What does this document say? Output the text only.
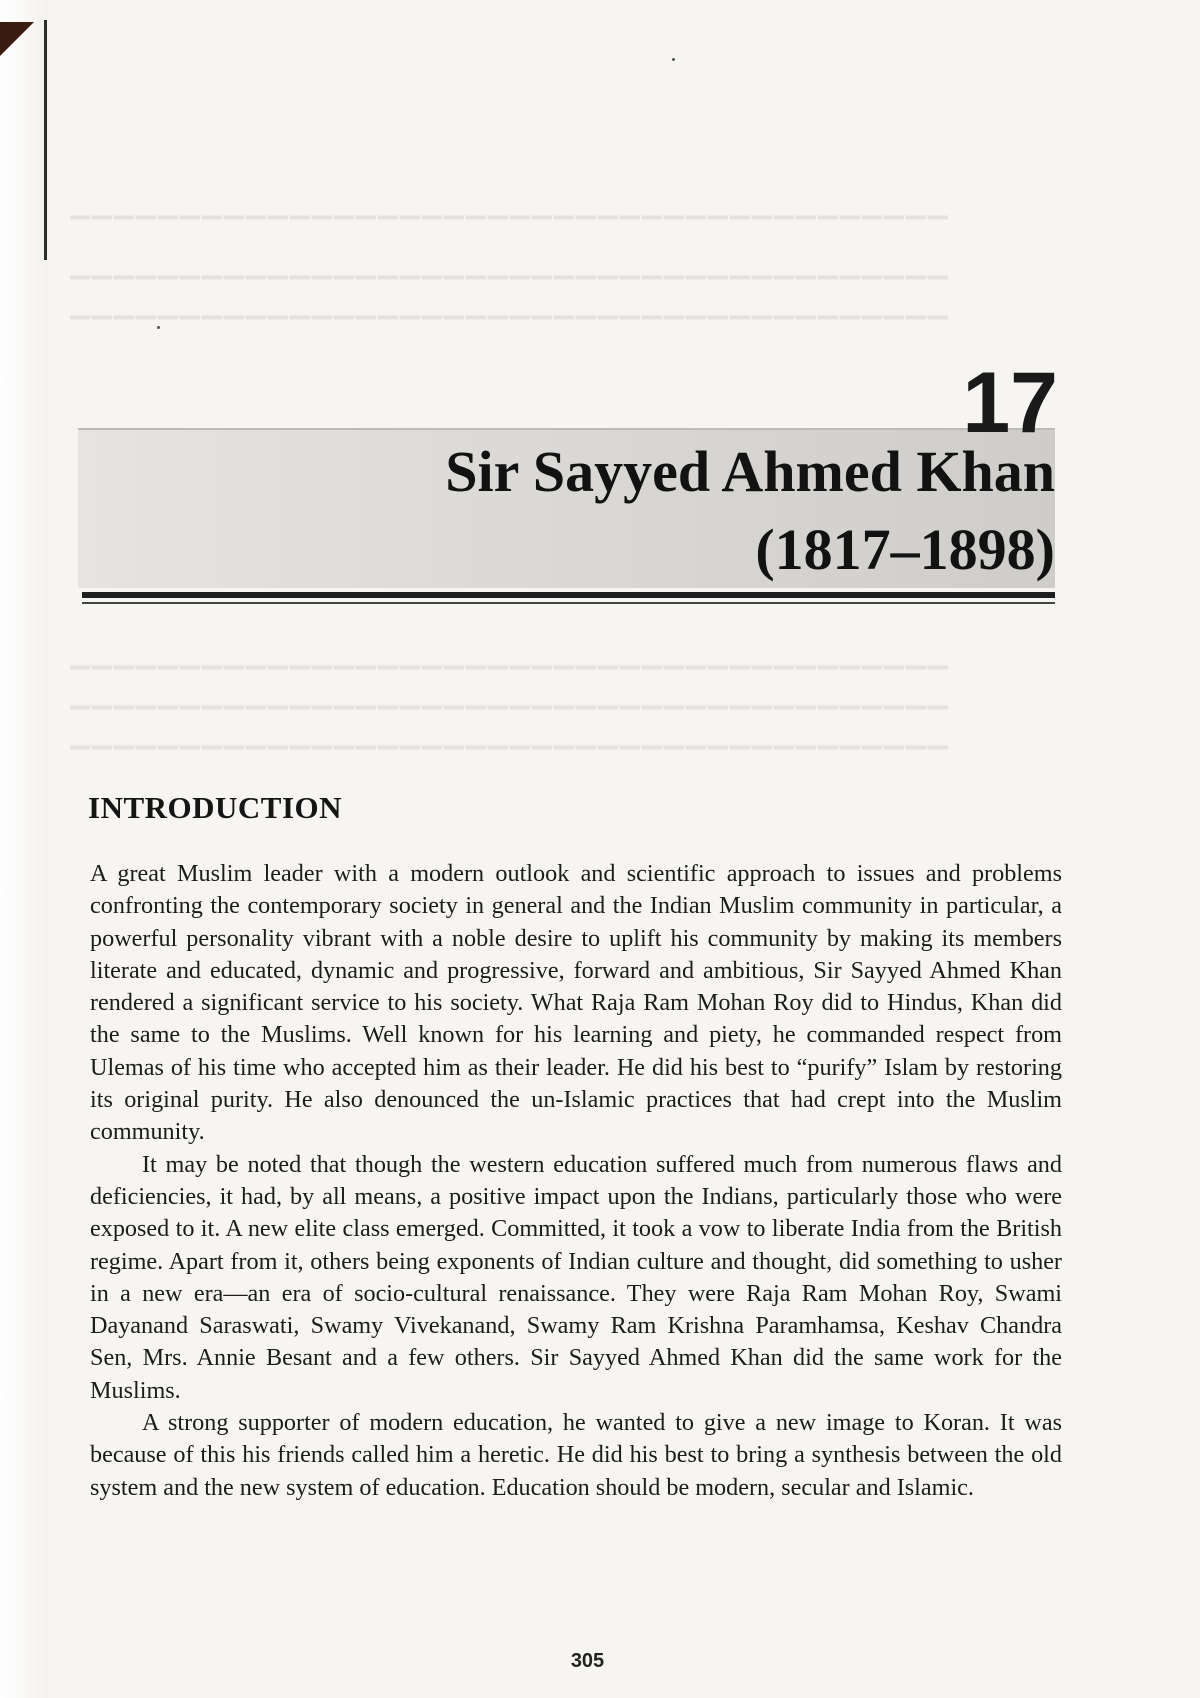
▁▁▁▁▁▁▁▁▁▁▁▁▁▁▁▁▁▁▁▁▁▁▁▁▁▁▁▁▁▁▁▁▁▁▁▁▁▁▁▁
▁▁▁▁▁▁▁▁▁▁▁▁▁▁▁▁▁▁▁▁▁▁▁▁▁▁▁▁▁▁▁▁▁▁▁▁▁▁▁▁
▁▁▁▁▁▁▁▁▁▁▁▁▁▁▁▁▁▁▁▁▁▁▁▁▁▁▁▁▁▁▁▁▁▁▁▁▁▁▁▁
▁▁▁▁▁▁▁▁▁▁▁▁▁▁▁▁▁▁▁▁▁▁▁▁▁▁▁▁▁▁▁▁▁▁▁▁▁▁▁▁
▁▁▁▁▁▁▁▁▁▁▁▁▁▁▁▁▁▁▁▁▁▁▁▁▁▁▁▁▁▁▁▁▁▁▁▁▁▁▁▁
▁▁▁▁▁▁▁▁▁▁▁▁▁▁▁▁▁▁▁▁▁▁▁▁▁▁▁▁▁▁▁▁▁▁▁▁▁▁▁▁
17
Sir Sayyed Ahmed Khan
(1817–1898)
INTRODUCTION

A great Muslim leader with a modern outlook and scientific approach to issues and problems confronting the contemporary society in general and the Indian Muslim community in particular, a powerful personality vibrant with a noble desire to uplift his community by making its members literate and educated, dynamic and progressive, forward and ambitious, Sir Sayyed Ahmed Khan rendered a significant service to his society. What Raja Ram Mohan Roy did to Hindus, Khan did the same to the Muslims. Well known for his learning and piety, he commanded respect from Ulemas of his time who accepted him as their leader. He did his best to “purify” Islam by restoring its original purity. He also denounced the un-Islamic practices that had crept into the Muslim community.

It may be noted that though the western education suffered much from numerous flaws and deficiencies, it had, by all means, a positive impact upon the Indians, particularly those who were exposed to it. A new elite class emerged. Committed, it took a vow to liberate India from the British regime. Apart from it, others being exponents of Indian culture and thought, did something to usher in a new era—an era of socio-cultural renaissance. They were Raja Ram Mohan Roy, Swami Dayanand Saraswati, Swamy Vivekanand, Swamy Ram Krishna Paramhamsa, Keshav Chandra Sen, Mrs. Annie Besant and a few others. Sir Sayyed Ahmed Khan did the same work for the Muslims.

A strong supporter of modern education, he wanted to give a new image to Koran. It was because of this his friends called him a heretic. He did his best to bring a synthesis between the old system and the new system of education. Education should be modern, secular and Islamic.

305
